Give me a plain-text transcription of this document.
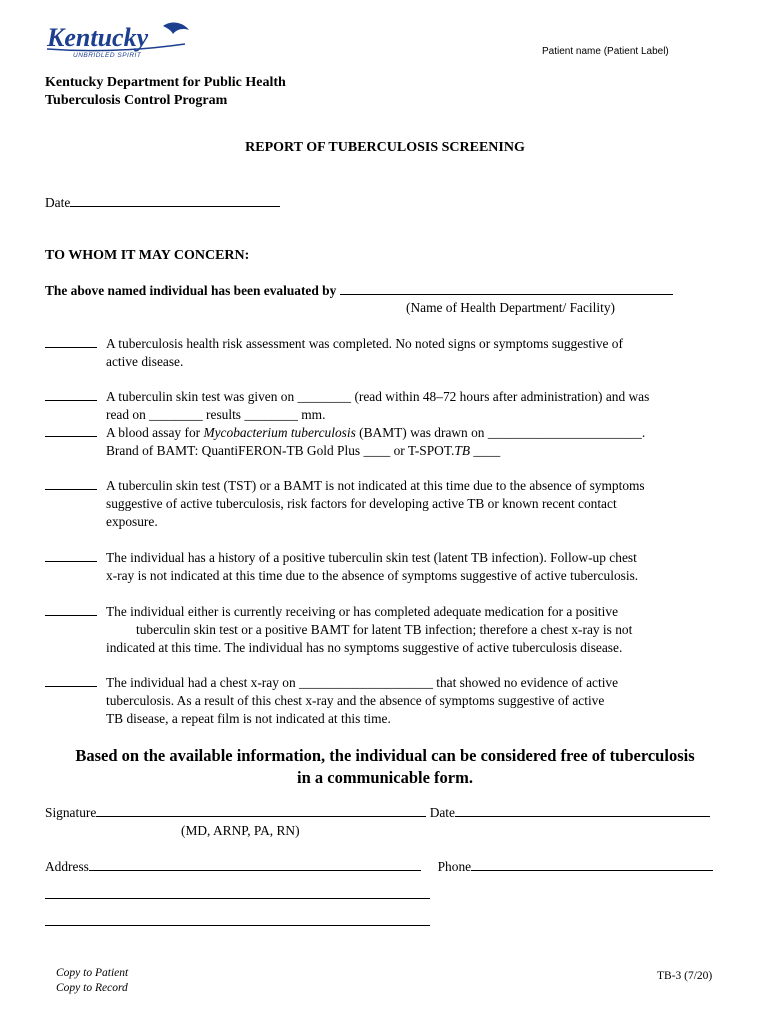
Kentucky
UNBRIDLED SPIRIT	Patient name (Patient Label)
Kentucky Department for Public Health
Tuberculosis Control Program
REPORT OF TUBERCULOSIS SCREENING
Date
TO WHOM IT MAY CONCERN:
The above named individual has been evaluated by
(Name of Health Department/ Facility)
A tuberculosis health risk assessment was completed. No noted signs or symptoms suggestive of
active disease.
A tuberculin skin test was given on ________ (read within 48–72 hours after administration) and was
read on ________ results ________ mm.
A blood assay for Mycobacterium tuberculosis (BAMT) was drawn on _______________________.
Brand of BAMT: QuantiFERON-TB Gold Plus ____ or T-SPOT.TB ____
A tuberculin skin test (TST) or a BAMT is not indicated at this time due to the absence of symptoms
suggestive of active tuberculosis, risk factors for developing active TB or known recent contact
exposure.
The individual has a history of a positive tuberculin skin test (latent TB infection). Follow-up chest
x-ray is not indicated at this time due to the absence of symptoms suggestive of active tuberculosis.
The individual either is currently receiving or has completed adequate medication for a positive
tuberculin skin test or a positive BAMT for latent TB infection; therefore a chest x-ray is not
indicated at this time. The individual has no symptoms suggestive of active tuberculosis disease.
The individual had a chest x-ray on ____________________ that showed no evidence of active
tuberculosis. As a result of this chest x-ray and the absence of symptoms suggestive of active
TB disease, a repeat film is not indicated at this time.
Based on the available information, the individual can be considered free of tuberculosis
in a communicable form.
Signature	Date
(MD, ARNP, PA, RN)
Address	Phone
Copy to Patient
Copy to Record
TB-3 (7/20)
